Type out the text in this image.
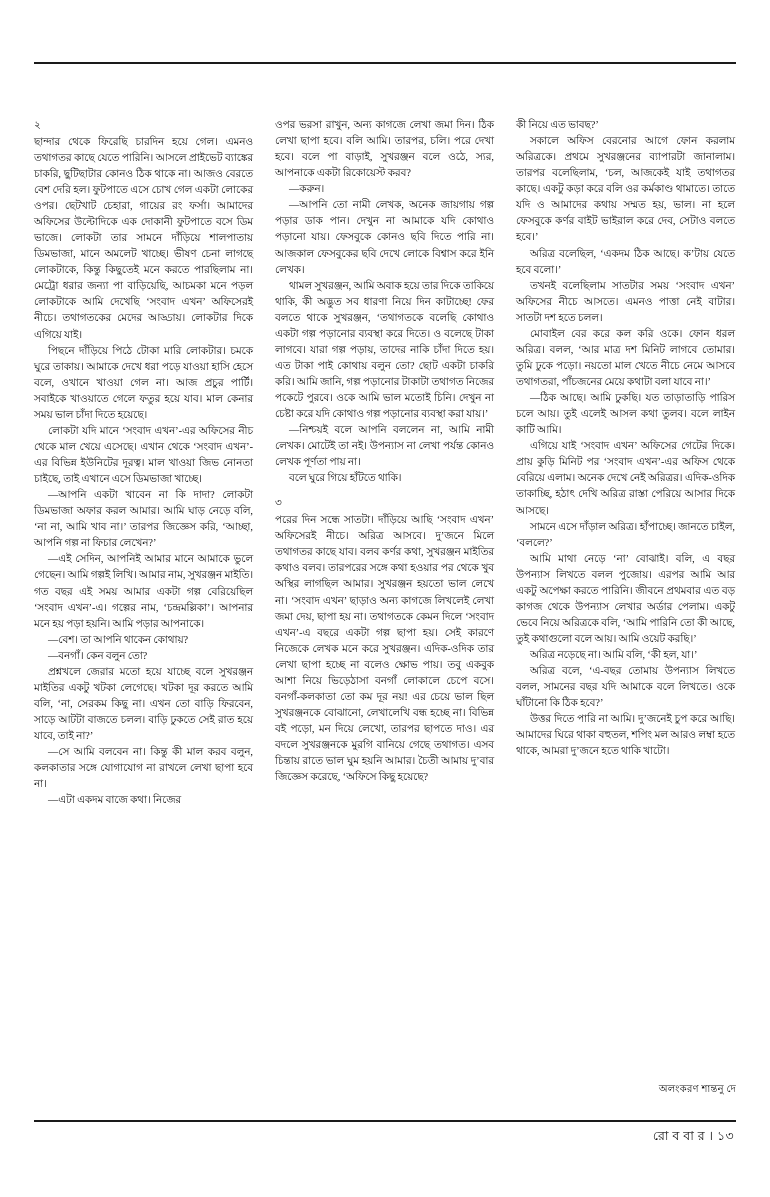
২

ছান্দার থেকে ফিরেছি চারদিন হয়ে গেল। এমনও তথাগতর কাছে যেতে পারিনি। আসলে প্রাইভেট ব্যাঙ্কের চাকরি, ছুটিছাটার কোনও ঠিক থাকে না। আজও বেরতে বেশ দেরি হল। ফুটপাতে এসে চোখ গেল একটা লোকের ওপর। ছেটখাট চেহারা, গায়ের রং ফর্সা। আমাদের অফিসের উল্টোদিকে এক দোকানী ফুটপাতে বসে ডিম ভাজে। লোকটা তার সামনে দাঁড়িয়ে শালপাতায় ডিমভাজা, মানে অমলেট খাচ্ছে। ভীষণ চেনা লাগছে লোকটাকে, কিন্তু কিছুতেই মনে করতে পারছিলাম না। মেট্রো ধরার জন্যা পা বাড়িয়েছি, আচমকা মনে পড়ল লোকটাকে আমি দেখেছি ‘সংবাদ এখন’ অফিসেরই নীচে। তথাগতকের মেদের আড্ডায়। লোকটার দিকে এগিয়ে যাই।

পিছনে দাঁড়িয়ে পিঠে টোকা মারি লোকটার। চমকে ঘুরে তাকায়। আমাকে দেখে ধরা পড়ে যাওয়া হাসি হেসে বলে, ওখানে খাওয়া গেল না। আজ প্রচুর পার্টি। সবাইকে খাওয়াতে গেলে ফতুর হয়ে যাব। মাল কেনার সময় ভাল চাঁদা দিতে হয়েছে।

লোকটা যদি মানে ‘সংবাদ এখন’-এর অফিসের নীচ থেকে মাল খেয়ে এসেছে। এখান থেকে ‘সংবাদ এখন’-এর বিভিন্ন ইউনিটের দূরত্ব। মাল খাওয়া জিভ নোনতা চাইছে, তাই এখানে এসে ডিমভাজা খাচ্ছে।

—আপনি একটা খাবেন না কি দাদা? লোকটা ডিমভাজা অফার করল আমার। আমি ঘাড় নেড়ে বলি, ‘না না, আমি খাব না।’ তারপর জিজ্ঞেস করি, ‘আচ্ছা, আপনি গল্প না ফিচার লেখেন?’

—এই সেদিন, আপনিই আমার মানে আমাকে ভুলে গেছেন। আমি গল্পই লিখি। আমার নাম, সুখরঞ্জন মাইতি। গত বছর এই সময় আমার একটা গল্প বেরিয়েছিল ‘সংবাদ এখন’-এ। গল্পের নাম, ‘চন্দ্রমল্লিকা’। আপনার মনে হয় পড়া হয়নি। আমি পড়ার আপনাকে।

—বেশ। তা আপনি থাকেন কোথায়?

—বনগাঁ। কেন বলুন তো?

প্রশ্নখলে জেরার মতো হয়ে যাচ্ছে বলে সুখরঞ্জন মাইতির একটু খটকা লেগেছে। খটকা দূর করতে আমি বলি, ‘না, সেরকম কিছু না। এখন তো বাড়ি ফিরবেন, সাড়ে আটটা বাজতে চলল। বাড়ি ঢুকতে সেই রাত হয়ে যাবে, তাই না?’

—সে আমি বলবেন না। কিন্তু কী মাল করব বলুন, কলকাতার সঙ্গে যোগাযোগ না রাখলে লেখা ছাপা হবে না।

—এটা একদম বাজে কথা। নিজের

ওপর ভরসা রাখুন, অন্য কাগজে লেখা জমা দিন। ঠিক লেখা ছাপা হবে। বলি আমি। তারপর, চলি। পরে দেখা হবে। বলে পা বাড়াই, সুখরঞ্জন বলে ওঠে, স্যর, আপনাকে একটা রিকোয়েস্ট করব?

—করুন।

—আপনি তো নামী লেখক, অনেক জায়গায় গল্প পড়ার ডাক পান। দেখুন না আমাকে যদি কোথাও পড়ানো যায়। ফেসবুকে কোনও ছবি দিতে পারি না। আজকাল ফেসবুকের ছবি দেখে লোকে বিশ্বাস করে ইনি লেখক।

থামল সুখরঞ্জন, আমি অবাক হয়ে তার দিকে তাকিয়ে থাকি, কী অদ্ভুত সব ধারণা নিয়ে দিন কাটাচ্ছে! ফের বলতে থাকে সুখরঞ্জন, ‘তথাগতকে বলেছি কোথাও একটা গল্প পড়ানোর ব্যবস্থা করে দিতে। ও বলেছে টাকা লাগবে। যারা গল্প পড়ায়, তাদের নাকি চাঁদা দিতে হয়। এত টাকা পাই কোথায় বলুন তো? ছোট একটা চাকরি করি। আমি জানি, গল্প পড়ানোর টাকাটা তথাগত নিজের পকেটে পুরবে। ওকে আমি ভাল মতোই চিনি। দেখুন না চেষ্টা করে যদি কোথাও গল্প পড়ানোর ব্যবস্থা করা যায়।’

—নিশ্চয়ই বলে আপনি বললেন না, আমি নামী লেখক। মোটেই তা নই। উপন্যাস না লেখা পর্যন্ত কোনও লেখক পূর্ণতা পায় না।

বলে ঘুরে গিয়ে হাঁটতে থাকি।

৩

পরের দিন সন্ধে সাতটা। দাঁড়িয়ে আছি ‘সংবাদ এখন’ অফিসেরই নীচে। অরিত্র আসবে। দু’জনে মিলে তথাগতর কাছে যাব। বলব কর্ণর কথা, সুখরঞ্জন মাইতির কথাও বলব। তারপরের সঙ্গে কথা হওয়ার পর থেকে খুব অস্থির লাগছিল আমার। সুখরঞ্জন হয়তো ভাল লেখে না। ‘সংবাদ এখন’ ছাড়াও অন্য কাগজে লিখলেই লেখা জমা দেয়, ছাপা হয় না। তথাগতকে কেমন দিলে ‘সংবাদ এখন’-এ বছরে একটা গল্প ছাপা হয়। সেই কারণে নিজেকে লেখক মনে করে সুখরঞ্জন। এদিক-ওদিক তার লেখা ছাপা হচ্ছে না বলেও ক্ষোভ পায়। তবু একবুক আশা নিয়ে ভিড়েঠাসা বনগাঁ লোকালে চেপে বসে। বনগাঁ-কলকাতা তো কম দূর নয়! এর চেয়ে ভাল ছিল সুখরঞ্জনকে বোঝানো, লেখালেখি বন্ধ হচ্ছে না। বিভিন্ন বই পড়ো, মন দিয়ে লেখো, তারপর ছাপতে দাও। এর বদলে সুখরঞ্জনকে মুরগি বানিয়ে গেছে তথাগত। এসব চিন্তায় রাতে ভাল ঘুম হয়নি আমার। চৈতী আমায় দু’বার জিজ্ঞেস করেছে, ‘অফিসে কিছু হয়েছে?

কী নিয়ে এত ভাবছ?’

সকালে অফিস বেরনোর আগে ফোন করলাম অরিত্রকে। প্রথমে সুখরঞ্জনের ব্যাপারটা জানালাম। তারপর বলেছিলাম, ‘চল, আজকেই যাই তথাগতর কাছে। একটু কড়া করে বলি ওর কর্মকাণ্ড থামাতে। তাতে যদি ও আমাদের কথায় সম্মত হয়, ভাল। না হলে ফেসবুকে কর্ণর বাইট ভাইরাল করে দেব, সেটাও বলতে হবে।’

অরিত্র বলেছিল, ‘একদম ঠিক আছে। ক’টায় যেতে হবে বলো।’

তখনই বলেছিলাম সাতটার সময় ‘সংবাদ এখন’ অফিসের নীচে আসতে। এমনও পাত্তা নেই বাটার। সাতটা দশ হতে চলল।

মোবাইল বের করে কল করি ওকে। ফোন ধরল অরিত্র। বলল, ‘আর মাত্র দশ মিনিট লাগবে তোমার। তুমি ঢুকে পড়ো। নয়তো মাল খেতে নীচে নেমে আসবে তথাগতরা, পাঁচজনের মেয়ে কথাটা বলা যাবে না।’

—ঠিক আছে। আমি ঢুকছি। যত তাড়াতাড়ি পারিস চলে আয়। তুই এলেই আসল কথা তুলব। বলে লাইন কাটি আমি।

এগিয়ে যাই ‘সংবাদ এখন’ অফিসের গেটের দিকে। প্রায় কুড়ি মিনিট পর ‘সংবাদ এখন’-এর অফিস থেকে বেরিয়ে এলাম। অনেক দেখে নেই অরিত্রর। এদিক-ওদিক তাকাচ্ছি, হঠাৎ দেখি অরিত্র রাস্তা পেরিয়ে আসার দিকে আসছে।

সামনে এসে দাঁড়াল অরিত্র। হাঁপাচ্ছে। জানতে চাইল, ‘বললে?’

আমি মাথা নেড়ে ‘না’ বোঝাই। বলি, এ বছর উপন্যাস লিখতে বলল পুজোয়। এরপর আমি আর একটু অপেক্ষা করতে পারিনি। জীবনে প্রথমবার এত বড় কাগজ থেকে উপন্যাস লেখার অর্ডার পেলাম। একটু ভেবে নিয়ে অরিত্রকে বলি, ‘আমি পারিনি তো কী আছে, তুই কথাগুলো বলে আয়। আমি ওয়েট করছি।’

অরিত্র নড়েছে না। আমি বলি, ‘কী হল, যা।’

অরিত্র বলে, ‘এ-বছর তোমায় উপন্যাস লিখতে বলল, সামনের বছর যদি আমাকে বলে লিখতে। ওকে ঘাঁটানো কি ঠিক হবে?’

উত্তর দিতে পারি না আমি। দু’জনেই চুপ করে আছি। আমাদের ঘিরে থাকা বহুতল, শপিং মল আরও লম্বা হতে থাকে, আমরা দু’জনে হতে থাকি খাটো।

অলংকরণ শান্তনু দে
রো ব বা র । ১৩
